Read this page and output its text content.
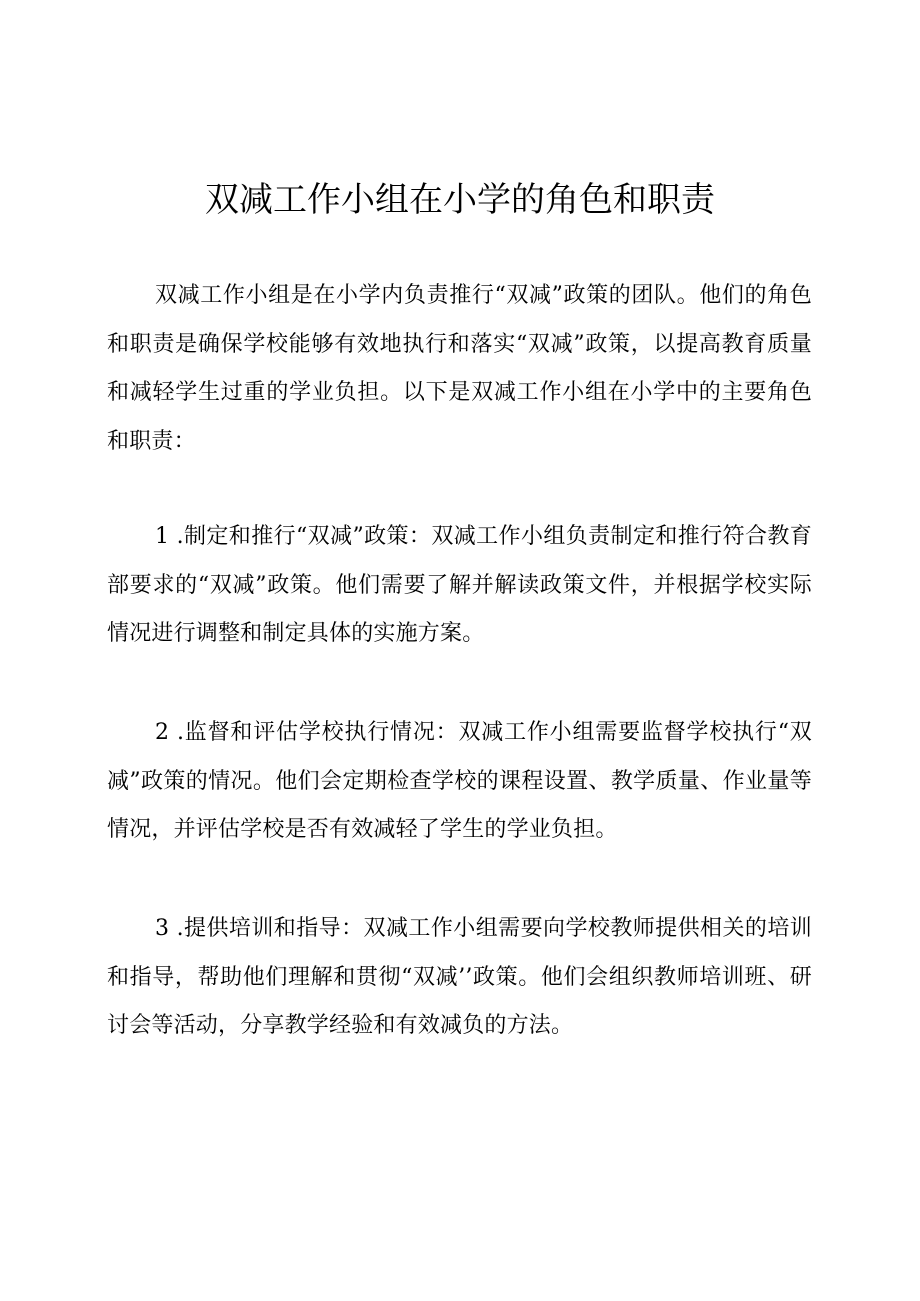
双减工作小组在小学的角色和职责

双减工作小组是在小学内负责推行“双减”政策的团队。他们的角色和职责是确保学校能够有效地执行和落实“双减”政策，以提高教育质量和减轻学生过重的学业负担。以下是双减工作小组在小学中的主要角色和职责：

1 .制定和推行“双减”政策：双减工作小组负责制定和推行符合教育部要求的“双减”政策。他们需要了解并解读政策文件，并根据学校实际情况进行调整和制定具体的实施方案。

2 .监督和评估学校执行情况：双减工作小组需要监督学校执行“双减”政策的情况。他们会定期检查学校的课程设置、教学质量、作业量等情况，并评估学校是否有效减轻了学生的学业负担。

3 .提供培训和指导：双减工作小组需要向学校教师提供相关的培训和指导，帮助他们理解和贯彻“双减’’政策。他们会组织教师培训班、研讨会等活动，分享教学经验和有效减负的方法。
